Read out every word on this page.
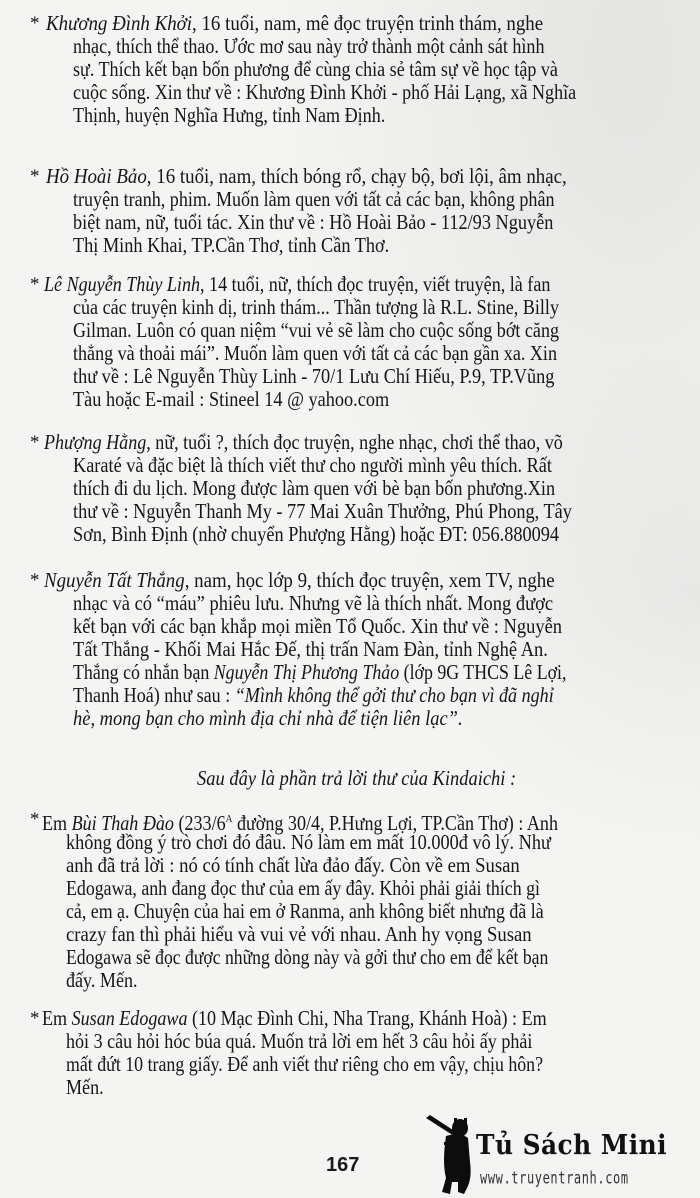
* Khương Đình Khởi, 16 tuổi, nam, mê đọc truyện trinh thám, nghe
nhạc, thích thể thao. Ước mơ sau này trở thành một cảnh sát hình
sự. Thích kết bạn bốn phương để cùng chia sẻ tâm sự về học tập và
cuộc sống. Xin thư về : Khương Đình Khởi - phố Hải Lạng, xã Nghĩa
Thịnh, huyện Nghĩa Hưng, tỉnh Nam Định.
* Hồ Hoài Bảo, 16 tuổi, nam, thích bóng rổ, chạy bộ, bơi lội, âm nhạc,
truyện tranh, phim. Muốn làm quen với tất cả các bạn, không phân
biệt nam, nữ, tuổi tác. Xin thư về : Hồ Hoài Bảo - 112/93 Nguyễn
Thị Minh Khai, TP.Cần Thơ, tỉnh Cần Thơ.
* Lê Nguyễn Thùy Linh, 14 tuổi, nữ, thích đọc truyện, viết truyện, là fan
của các truyện kinh dị, trinh thám... Thần tượng là R.L. Stine, Billy
Gilman. Luôn có quan niệm “vui vẻ sẽ làm cho cuộc sống bớt căng
thẳng và thoải mái”. Muốn làm quen với tất cả các bạn gần xa. Xin
thư về : Lê Nguyễn Thùy Linh - 70/1 Lưu Chí Hiếu, P.9, TP.Vũng
Tàu hoặc E-mail : Stineel 14 @ yahoo.com
* Phượng Hằng, nữ, tuổi ?, thích đọc truyện, nghe nhạc, chơi thể thao, võ
Karaté và đặc biệt là thích viết thư cho người mình yêu thích. Rất
thích đi du lịch. Mong được làm quen với bè bạn bốn phương.Xin
thư về : Nguyễn Thanh My - 77 Mai Xuân Thưởng, Phú Phong, Tây
Sơn, Bình Định (nhờ chuyển Phượng Hằng) hoặc ĐT: 056.880094
* Nguyễn Tất Thắng, nam, học lớp 9, thích đọc truyện, xem TV, nghe
nhạc và có “máu” phiêu lưu. Nhưng vẽ là thích nhất. Mong được
kết bạn với các bạn khắp mọi miền Tổ Quốc. Xin thư về : Nguyễn
Tất Thắng - Khối Mai Hắc Đế, thị trấn Nam Đàn, tỉnh Nghệ An.
Thắng có nhắn bạn Nguyễn Thị Phương Thảo (lớp 9G THCS Lê Lợi,
Thanh Hoá) như sau : “Mình không thể gởi thư cho bạn vì đã nghỉ
hè, mong bạn cho mình địa chỉ nhà để tiện liên lạc”.
Sau đây là phần trả lời thư của Kindaichi :
* Em Bùi Thah Đào ($233/6^A$ đường 30/4, P.Hưng Lợi, TP.Cần Thơ) : Anh
không đồng ý trò chơi đó đâu. Nó làm em mất 10.000đ vô lý. Như
anh đã trả lời : nó có tính chất lừa đảo đấy. Còn về em Susan
Edogawa, anh đang đọc thư của em ấy đây. Khỏi phải giải thích gì
cả, em ạ. Chuyện của hai em ở Ranma, anh không biết nhưng đã là
crazy fan thì phải hiểu và vui vẻ với nhau. Anh hy vọng Susan
Edogawa sẽ đọc được những dòng này và gởi thư cho em để kết bạn
đấy. Mến.
* Em Susan Edogawa (10 Mạc Đình Chi, Nha Trang, Khánh Hoà) : Em
hỏi 3 câu hỏi hóc búa quá. Muốn trả lời em hết 3 câu hỏi ấy phải
mất đứt 10 trang giấy. Để anh viết thư riêng cho em vậy, chịu hôn?
Mến.
167
Tủ Sách Mini
www.truyentranh.com
